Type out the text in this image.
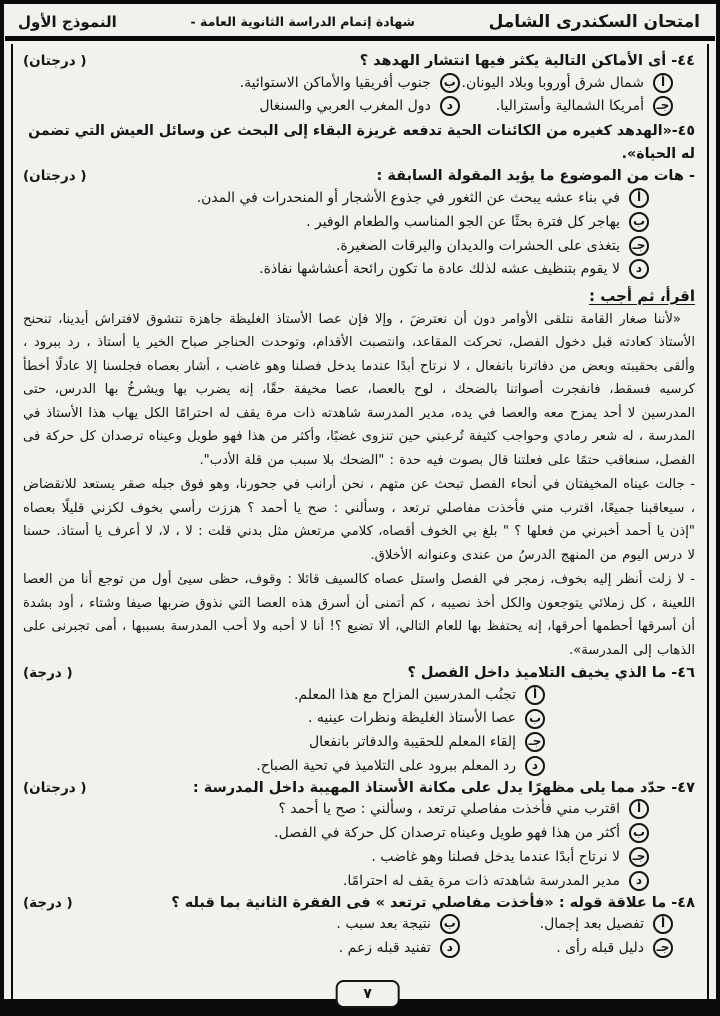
امتحان السكندرى الشامل
شهادة إتمام الدراسة الثانوية العامة -
النموذج الأول
٤٤- أى الأماكن التالية يكثر فيها انتشار الهدهد ؟
( درجتان)
أ
شمال شرق أوروبا وبلاد اليونان.
ب
جنوب أفريقيا والأماكن الاستوائية.
جـ
أمريكا الشمالية وأستراليا.
د
دول المغرب العربي والسنغال
٤٥-«الهدهد كغيره من الكائنات الحية تدفعه غريزة البقاء إلى البحث عن وسائل العيش التي تضمن له الحياة».
- هات من الموضوع ما يؤيد المقولة السابقة :
( درجتان)
أ
في بناء عشه يبحث عن الثغور في جذوع الأشجار أو المنحدرات في المدن.
ب
يهاجر كل فترة بحثًا عن الجو المناسب والطعام الوفير .
جـ
يتغذى على الحشرات والديدان واليرقات الصغيرة.
د
لا يقوم بتنظيف عشه لذلك عادة ما تكون رائحة أعشاشها نفاذة.
اقرأ، ثم أجب :

«لأننا صغار القامة نتلقى الأوامر دون أن نعترضَ ، وإلا فإن عصا الأستاذ الغليظة جاهزة تتشوق لافتراش أيدينا، تنحنح الأستاذ كعادته قبل دخول الفصل، تحركت المقاعد، وانتصبت الأقدام، وتوحدت الحناجر صباح الخير يا أستاذ ، رد ببرود ، وألقى بحقيبته وبعض من دفاترنا بانفعال ، لا نرتاح أبدًا عندما يدخل فصلنا وهو غاضب ، أشار بعصاه فجلسنا إلا عادلًا أخطأ كرسيه فسقط، فانفجرت أصواتنا بالضحك ، لوح بالعصا، عصا مخيفة حقًا، إنه يضرب بها ويشرخُ بها الدرس، حتى المدرسين لا أحد يمزح معه والعصا في يده، مدير المدرسة شاهدته ذات مرة يقف له احترامًا الكل يهاب هذا الأستاذ في المدرسة ، له شعر رمادي وحواجب كثيفة تُرعبني حين تنزوى غضبًا، وأكثر من هذا فهو طويل وعيناه ترصدان كل حركة فى الفصل، سنعاقب حتمًا على فعلتنا قال بصوت فيه حدة : "الضحك بلا سبب من قلة الأدب".

- جالت عيناه المخيفتان في أنحاء الفصل تبحث عن متهم ، نحن أرانب في جحورنا، وهو فوق جبله صقر يستعد للانقضاض ، سيعاقبنا جميعًا، اقترب مني فأخذت مفاصلي ترتعد ، وسألني : صح يا أحمد ؟ هززت رأسي بخوف لكزني قليلًا بعصاه "إذن يا أحمد أخبرني من فعلها ؟ " بلغ بي الخوف أقصاه، كلامي مرتعش مثل بدني قلت : لا ، لا، لا أعرف يا أستاذ. حسنا لا درس اليوم من المنهج الدرسُ من عندى وعنوانه الأخلاق.

- لا زلت أنظر إليه بخوف، زمجر في الفصل واستل عصاه كالسيف قائلا : وقوف، حظى سيئ أول من توجع أنا من العصا اللعينة ، كل زملائي يتوجعون والكل أخذ نصيبه ، كم أتمنى أن أسرق هذه العصا التي نذوق ضربها صيفا وشتاء ، أود بشدة أن أسرقها أحطمها أحرقها، إنه يحتفظ بها للعام التالي، ألا تضيع ؟! أنا لا أحبه ولا أحب المدرسة بسببها ، أمى تجبرنى على الذهاب إلى المدرسة».

٤٦- ما الذي يخيف التلاميذ داخل الفصل ؟
( درجة)
أ
تجنُب المدرسين المزاح مع هذا المعلم.
ب
عصا الأستاذ الغليظة ونظرات عينيه .
جـ
إلقاء المعلم للحقيبة والدفاتر بانفعال
د
رد المعلم ببرود على التلاميذ في تحية الصباح.
٤٧- حدّد مما يلى مظهرًا يدل على مكانة الأستاذ المهيبة داخل المدرسة :
( درجتان)
أ
اقترب مني فأخذت مفاصلي ترتعد ، وسألني : صح يا أحمد ؟
ب
أكثر من هذا فهو طويل وعيناه ترصدان كل حركة في الفصل.
جـ
لا نرتاح أبدًا عندما يدخل فصلنا وهو غاضب .
د
مدير المدرسة شاهدته ذات مرة يقف له احترامًا.
٤٨- ما علاقة قوله : «فأخذت مفاصلي ترتعد » فى الفقرة الثانية بما قبله ؟
( درجة)
أ
تفصيل بعد إجمال.
ب
نتيجة بعد سبب .
جـ
دليل قبله رأى .
د
تفنيد قبله زعم .
٧
